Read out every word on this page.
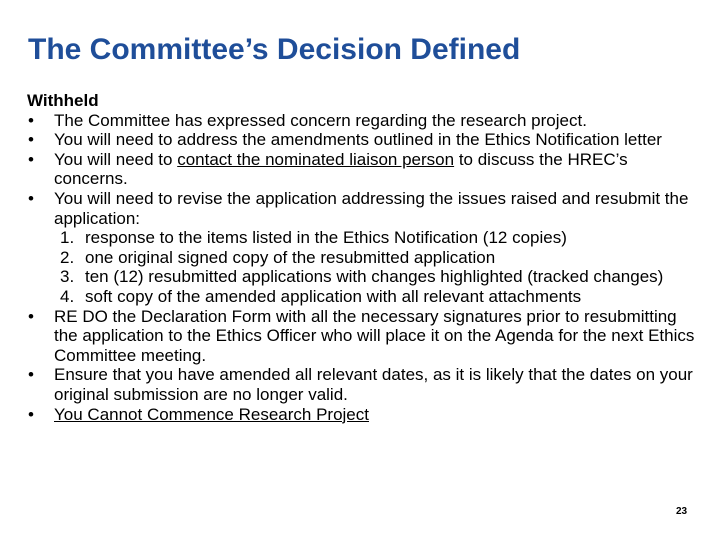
The Committee’s Decision Defined
Withheld
• The Committee has expressed concern regarding the research project.
• You will need to address the amendments outlined in the Ethics Notification letter
• You will need to contact the nominated liaison person to discuss the HREC’s concerns.
• You will need to revise the application addressing the issues raised and resubmit the application:
1. response to the items listed in the Ethics Notification (12 copies)
2. one original signed copy of the resubmitted application
3. ten (12) resubmitted applications with changes highlighted (tracked changes)
4. soft copy of the amended application with all relevant attachments
• RE DO the Declaration Form with all the necessary signatures prior to resubmitting the application to the Ethics Officer who will place it on the Agenda for the next Ethics Committee meeting.
• Ensure that you have amended all relevant dates, as it is likely that the dates on your original submission are no longer valid.
• You Cannot Commence Research Project
23
